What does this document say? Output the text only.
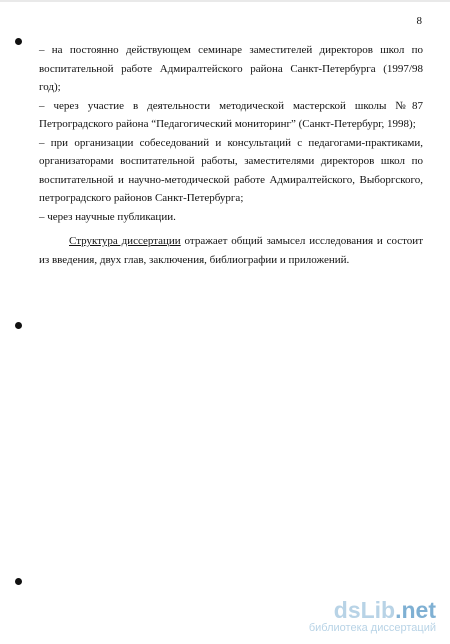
8

– на постоянно действующем семинаре заместителей директоров школ по воспитательной работе Адмиралтейского района Санкт-Петербурга (1997/98 год);

– через участие в деятельности методической мастерской школы №87 Петроградского района “Педагогический мониторинг” (Санкт-Петербург, 1998);

– при организации собеседований и консультаций с педагогами-практиками, организаторами воспитательной работы, заместителями директоров школ по воспитательной и научно-методической работе Адмиралтейского, Выборгского, петроградского районов Санкт-Петербурга;

– через научные публикации.

Структура диссертации отражает общий замысел исследования и состоит из введения, двух глав, заключения, библиографии и приложений.

dsLib.net
библиотека диссертаций
